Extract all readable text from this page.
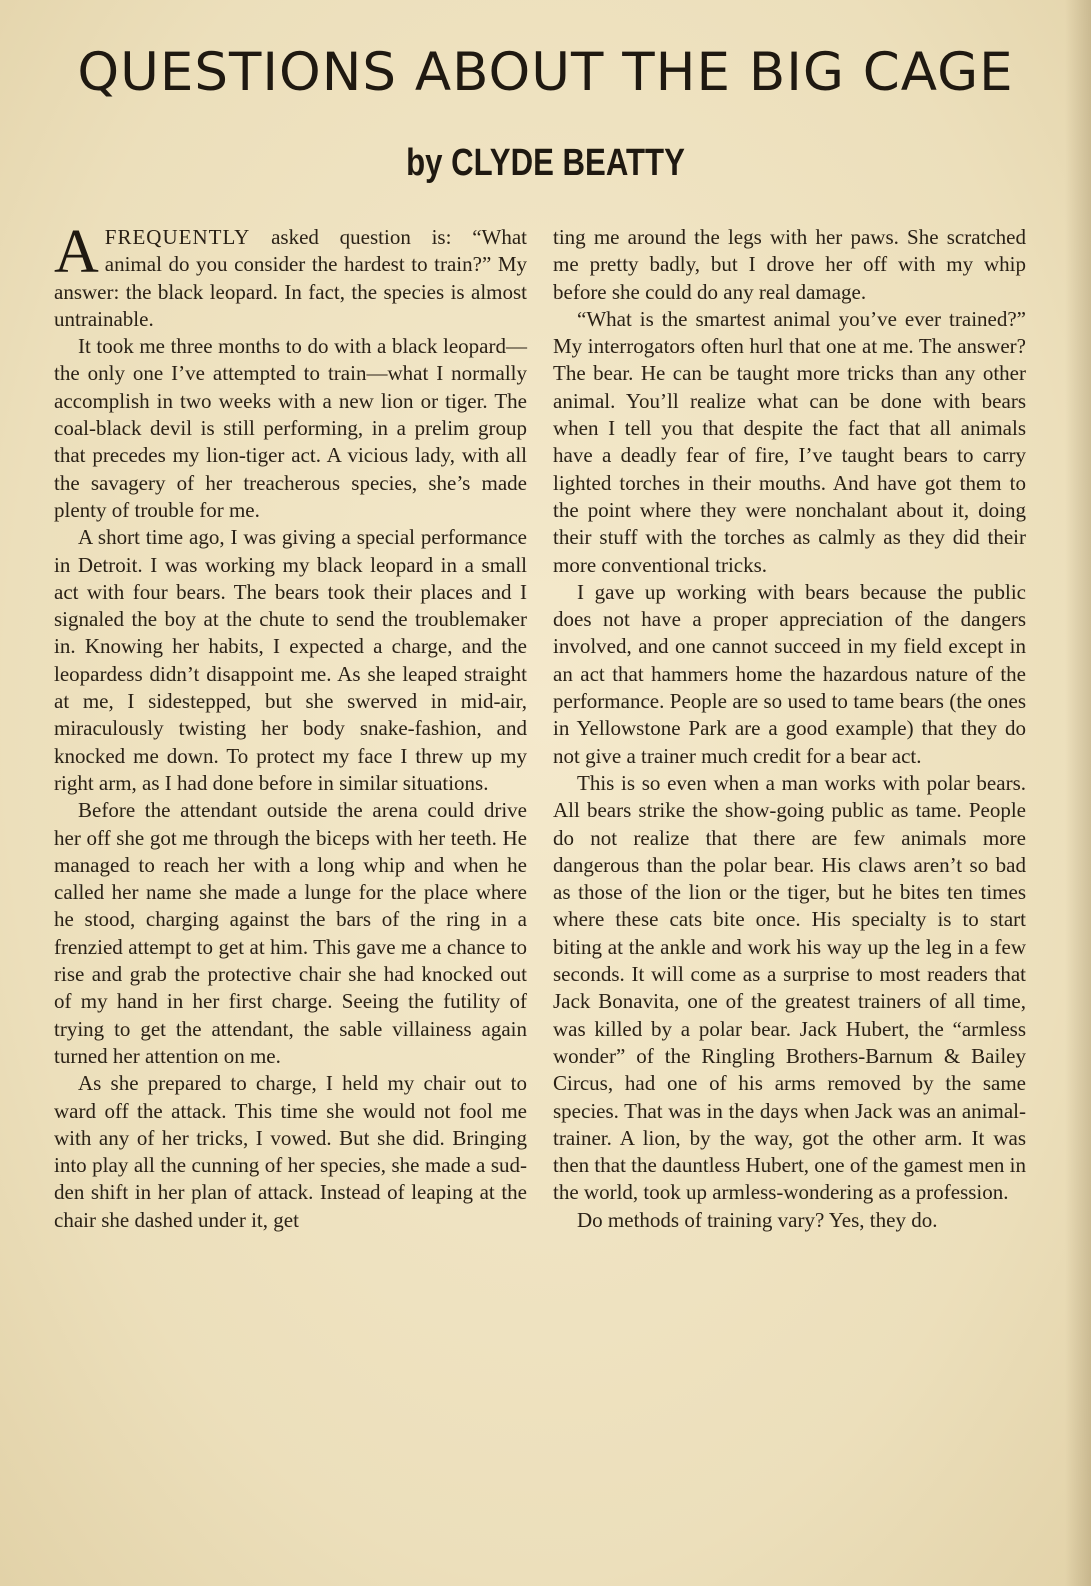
QUESTIONS ABOUT THE BIG CAGE
by CLYDE BEATTY

AFREQUENTLY asked question is: “What animal do you consider the hardest to train?” My answer: the black leopard. In fact, the species is almost untrainable.

It took me three months to do with a black leopard—the only one I’ve attempted to train—what I normally accomplish in two weeks with a new lion or tiger. The coal-black devil is still performing, in a prelim group that precedes my lion-tiger act. A vicious lady, with all the savagery of her treacherous species, she’s made plenty of trouble for me.

A short time ago, I was giving a special performance in Detroit. I was working my black leopard in a small act with four bears. The bears took their places and I signaled the boy at the chute to send the troublemaker in. Knowing her habits, I expected a charge, and the leopardess didn’t disappoint me. As she leaped straight at me, I sidestepped, but she swerved in mid-air, miraculously twisting her body snake-fashion, and knocked me down. To protect my face I threw up my right arm, as I had done before in similar situations.

Before the attendant outside the arena could drive her off she got me through the biceps with her teeth. He managed to reach her with a long whip and when he called her name she made a lunge for the place where he stood, charging against the bars of the ring in a frenzied attempt to get at him. This gave me a chance to rise and grab the protective chair she had knocked out of my hand in her first charge. Seeing the futility of trying to get the attendant, the sable villainess again turned her attention on me.

As she prepared to charge, I held my chair out to ward off the attack. This time she would not fool me with any of her tricks, I vowed. But she did. Bringing into play all the cunning of her species, she made a sudden shift in her plan of attack. Instead of leaping at the chair she dashed under it, get

ting me around the legs with her paws. She scratched me pretty badly, but I drove her off with my whip before she could do any real damage.

“What is the smartest animal you’ve ever trained?” My interrogators often hurl that one at me. The answer? The bear. He can be taught more tricks than any other animal. You’ll realize what can be done with bears when I tell you that despite the fact that all animals have a deadly fear of fire, I’ve taught bears to carry lighted torches in their mouths. And have got them to the point where they were nonchalant about it, doing their stuff with the torches as calmly as they did their more conventional tricks.

I gave up working with bears because the public does not have a proper appreciation of the dangers involved, and one cannot succeed in my field except in an act that hammers home the hazardous nature of the performance. People are so used to tame bears (the ones in Yellowstone Park are a good example) that they do not give a trainer much credit for a bear act.

This is so even when a man works with polar bears. All bears strike the show-going public as tame. People do not realize that there are few animals more dangerous than the polar bear. His claws aren’t so bad as those of the lion or the tiger, but he bites ten times where these cats bite once. His specialty is to start biting at the ankle and work his way up the leg in a few seconds. It will come as a surprise to most readers that Jack Bonavita, one of the greatest trainers of all time, was killed by a polar bear. Jack Hubert, the “armless wonder” of the Ringling Brothers-Barnum & Bailey Circus, had one of his arms removed by the same species. That was in the days when Jack was an animal-trainer. A lion, by the way, got the other arm. It was then that the dauntless Hubert, one of the gamest men in the world, took up armless-wondering as a profession.

Do methods of training vary? Yes, they do.
